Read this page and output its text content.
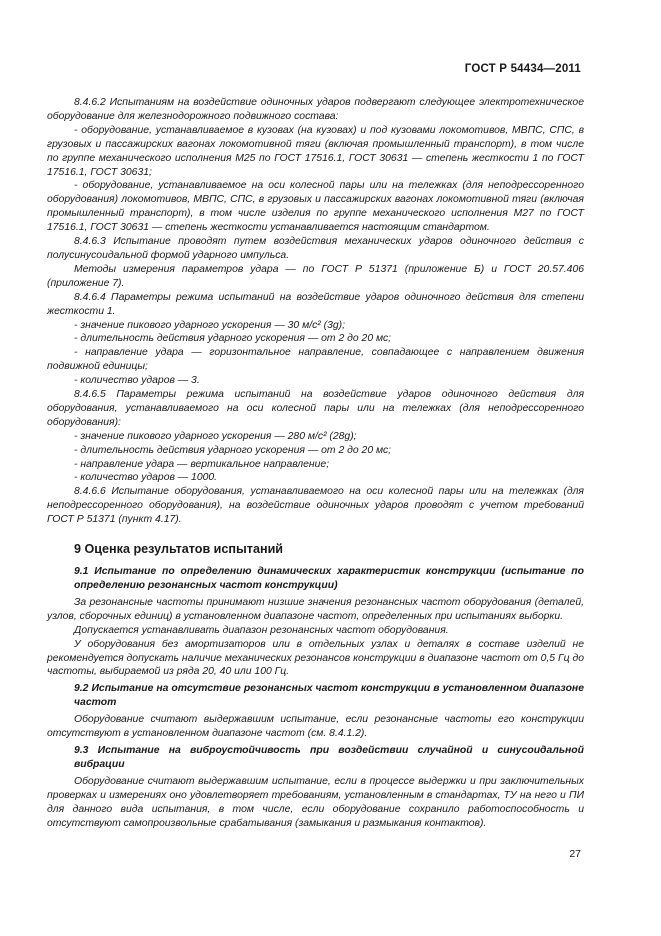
ГОСТ Р 54434—2011

8.4.6.2 Испытаниям на воздействие одиночных ударов подвергают следующее электротехническое оборудование для железнодорожного подвижного состава:

- оборудование, устанавливаемое в кузовах (на кузовах) и под кузовами локомотивов, МВПС, СПС, в грузовых и пассажирских вагонах локомотивной тяги (включая промышленный транспорт), в том числе по группе механического исполнения М25 по ГОСТ 17516.1, ГОСТ 30631 — степень жесткости 1 по ГОСТ 17516.1, ГОСТ 30631;

- оборудование, устанавливаемое на оси колесной пары или на тележках (для неподрессоренного оборудования) локомотивов, МВПС, СПС, в грузовых и пассажирских вагонах локомотивной тяги (включая промышленный транспорт), в том числе изделия по группе механического исполнения М27 по ГОСТ 17516.1, ГОСТ 30631 — степень жесткости устанавливается настоящим стандартом.

8.4.6.3 Испытание проводят путем воздействия механических ударов одиночного действия с полусинусоидальной формой ударного импульса.

Методы измерения параметров удара — по ГОСТ Р 51371 (приложение Б) и ГОСТ 20.57.406 (приложение 7).

8.4.6.4 Параметры режима испытаний на воздействие ударов одиночного действия для степени жесткости 1.

- значение пикового ударного ускорения — 30 м/с² (3g);

- длительность действия ударного ускорения — от 2 до 20 мс;

- направление удара — горизонтальное направление, совпадающее с направлением движения подвижной единицы;

- количество ударов — 3.

8.4.6.5 Параметры режима испытаний на воздействие ударов одиночного действия для оборудования, устанавливаемого на оси колесной пары или на тележках (для неподрессоренного оборудования):

- значение пикового ударного ускорения — 280 м/с² (28g);

- длительность действия ударного ускорения — от 2 до 20 мс;

- направление удара — вертикальное направление;

- количество ударов — 1000.

8.4.6.6 Испытание оборудования, устанавливаемого на оси колесной пары или на тележках (для неподрессоренного оборудования), на воздействие одиночных ударов проводят с учетом требований ГОСТ Р 51371 (пункт 4.17).

9 Оценка результатов испытаний

9.1 Испытание по определению динамических характеристик конструкции (испытание по определению резонансных частот конструкции)

За резонансные частоты принимают низшие значения резонансных частот оборудования (деталей, узлов, сборочных единиц) в установленном диапазоне частот, определенных при испытаниях выборки.

Допускается устанавливать диапазон резонансных частот оборудования.

У оборудования без амортизаторов или в отдельных узлах и деталях в составе изделий не рекомендуется допускать наличие механических резонансов конструкции в диапазоне частот от 0,5 Гц до частоты, выбираемой из ряда 20, 40 или 100 Гц.

9.2 Испытание на отсутствие резонансных частот конструкции в установленном диапазоне частот

Оборудование считают выдержавшим испытание, если резонансные частоты его конструкции отсутствуют в установленном диапазоне частот (см. 8.4.1.2).

9.3 Испытание на виброустойчивость при воздействии случайной и синусоидальной вибрации

Оборудование считают выдержавшим испытание, если в процессе выдержки и при заключительных проверках и измерениях оно удовлетворяет требованиям, установленным в стандартах, ТУ на него и ПИ для данного вида испытания, в том числе, если оборудование сохранило работоспособность и отсутствуют самопроизвольные срабатывания (замыкания и размыкания контактов).

27
